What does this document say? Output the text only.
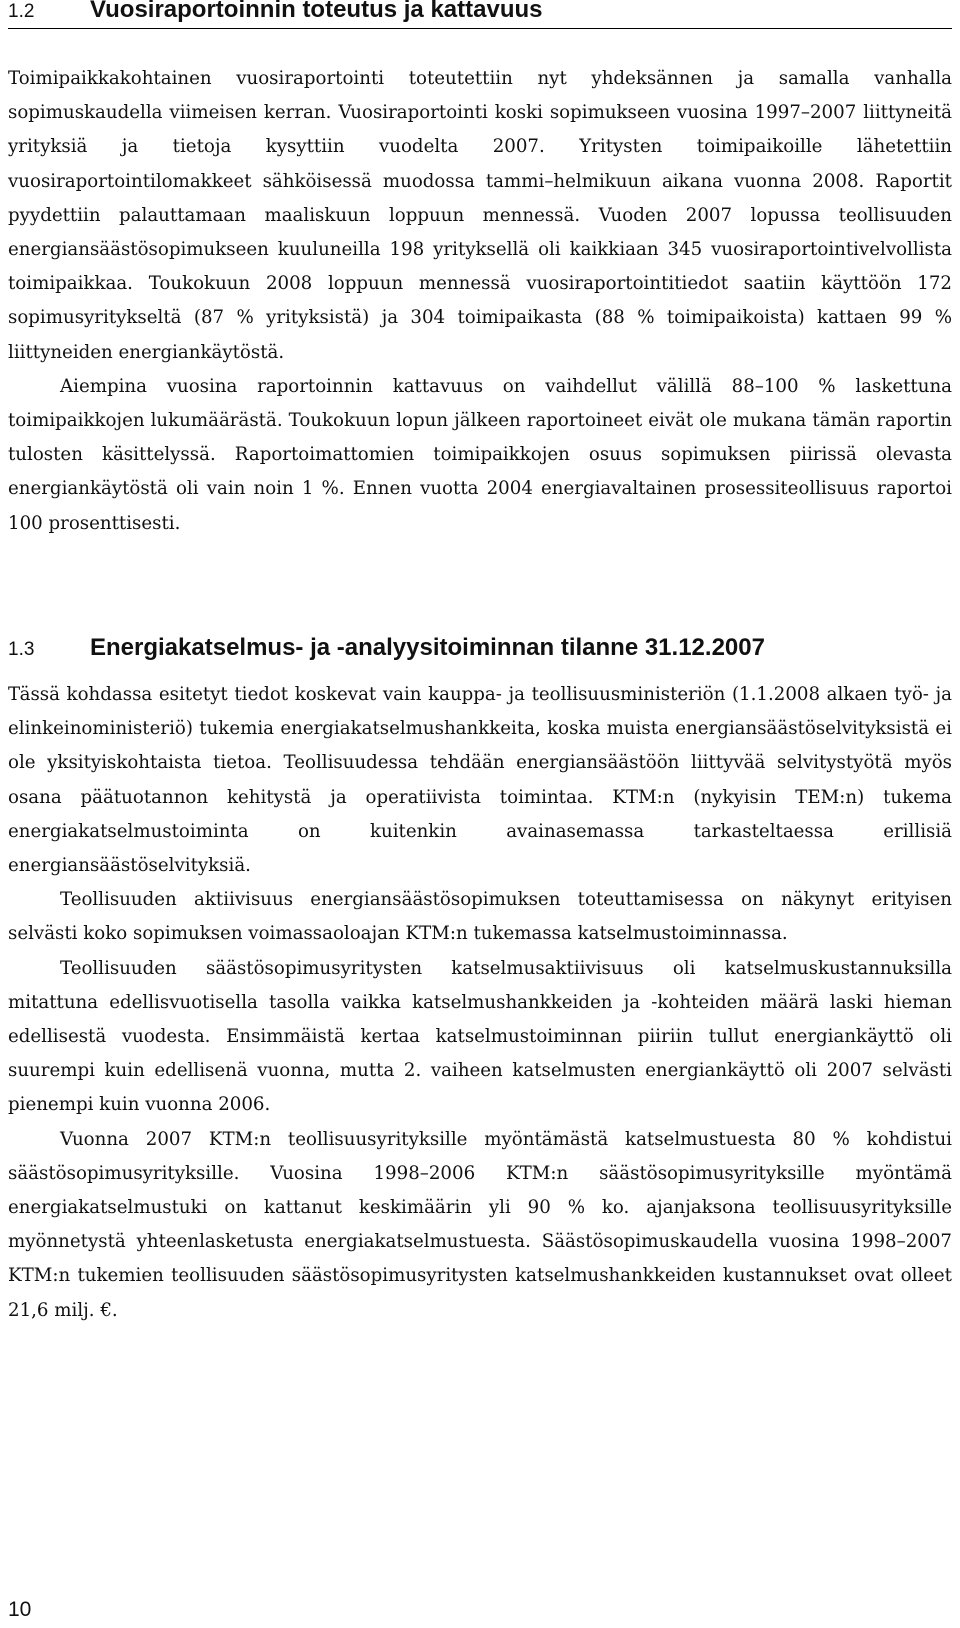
1.2	Vuosiraportoinnin toteutus ja kattavuus

Toimipaikkakohtainen vuosiraportointi toteutettiin nyt yhdeksännen ja samalla vanhalla sopimuskaudella viimeisen kerran. Vuosiraportointi koski sopimukseen vuosina 1997–2007 liittyneitä yrityksiä ja tietoja kysyttiin vuodelta 2007. Yritysten toimipaikoille lähetettiin vuosiraportointilomakkeet sähköisessä muodossa tammi–helmikuun aikana vuonna 2008. Raportit pyydettiin palauttamaan maaliskuun loppuun mennessä. Vuoden 2007 lopussa teollisuuden energiansäästösopimukseen kuuluneilla 198 yrityksellä oli kaikkiaan 345 vuosiraportointivelvollista toimipaikkaa. Toukokuun 2008 loppuun mennessä vuosiraportointitiedot saatiin käyttöön 172 sopimusyritykseltä (87 % yrityksistä) ja 304 toimipaikasta (88 % toimipaikoista) kattaen 99 % liittyneiden energiankäytöstä.

Aiempina vuosina raportoinnin kattavuus on vaihdellut välillä 88–100 % laskettuna toimipaikkojen lukumäärästä. Toukokuun lopun jälkeen raportoineet eivät ole mukana tämän raportin tulosten käsittelyssä. Raportoimattomien toimipaikkojen osuus sopimuksen piirissä olevasta energiankäytöstä oli vain noin 1 %. Ennen vuotta 2004 energiavaltainen prosessiteollisuus raportoi 100 prosenttisesti.

1.3	Energiakatselmus- ja -analyysitoiminnan tilanne 31.12.2007

Tässä kohdassa esitetyt tiedot koskevat vain kauppa- ja teollisuusministeriön (1.1.2008 alkaen työ- ja elinkeinoministeriö) tukemia energiakatselmushankkeita, koska muista energiansäästöselvityksistä ei ole yksityiskohtaista tietoa. Teollisuudessa tehdään energiansäästöön liittyvää selvitystyötä myös osana päätuotannon kehitystä ja operatiivista toimintaa. KTM:n (nykyisin TEM:n) tukema energiakatselmustoiminta on kuitenkin avainasemassa tarkasteltaessa erillisiä energiansäästöselvityksiä.

Teollisuuden aktiivisuus energiansäästösopimuksen toteuttamisessa on näkynyt erityisen selvästi koko sopimuksen voimassaoloajan KTM:n tukemassa katselmustoiminnassa.

Teollisuuden säästösopimusyritysten katselmusaktiivisuus oli katselmuskustannuksilla mitattuna edellisvuotisella tasolla vaikka katselmushankkeiden ja -kohteiden määrä laski hieman edellisestä vuodesta. Ensimmäistä kertaa katselmustoiminnan piiriin tullut energiankäyttö oli suurempi kuin edellisenä vuonna, mutta 2. vaiheen katselmusten energiankäyttö oli 2007 selvästi pienempi kuin vuonna 2006.

Vuonna 2007 KTM:n teollisuusyrityksille myöntämästä katselmustuesta 80 % kohdistui säästösopimusyrityksille. Vuosina 1998–2006 KTM:n säästösopimusyrityksille myöntämä energiakatselmustuki on kattanut keskimäärin yli 90 % ko. ajanjaksona teollisuusyrityksille myönnetystä yhteenlasketusta energiakatselmustuesta. Säästösopimuskaudella vuosina 1998–2007 KTM:n tukemien teollisuuden säästösopimusyritysten katselmushankkeiden kustannukset ovat olleet 21,6 milj. €.

10
